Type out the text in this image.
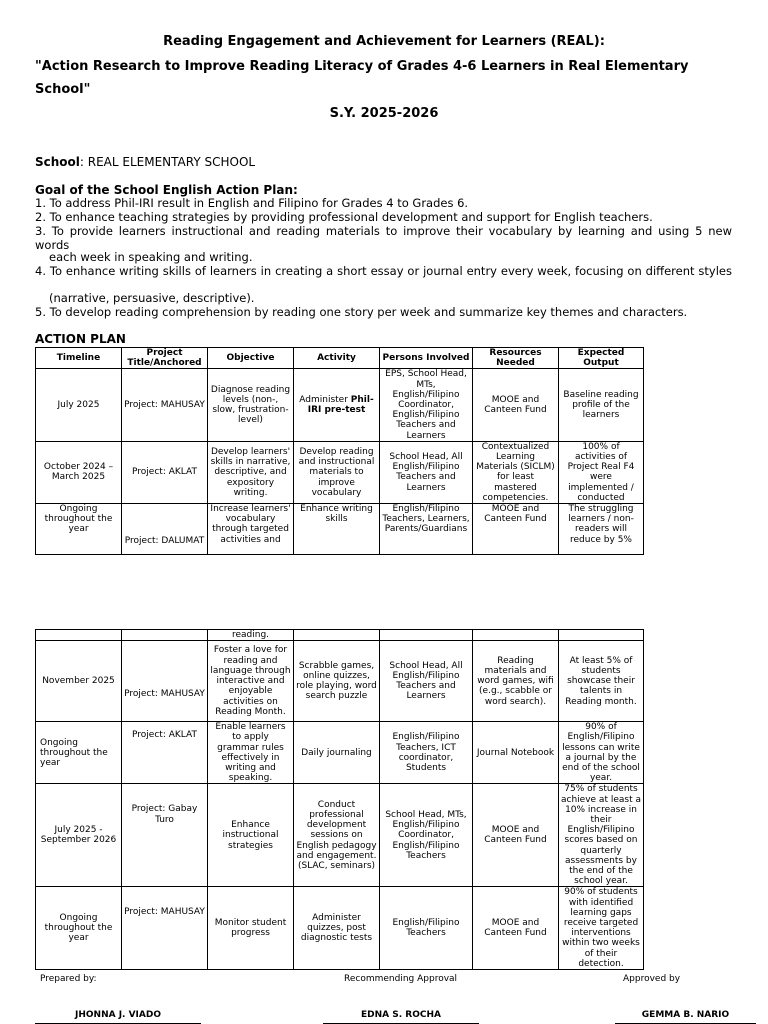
Reading Engagement and Achievement for Learners (REAL):
"Action Research to Improve Reading Literacy of Grades 4-6 Learners in Real Elementary
School"
S.Y. 2025-2026
School: REAL ELEMENTARY SCHOOL
Goal of the School English Action Plan:
1. To address Phil-IRI result in English and Filipino for Grades 4 to Grades 6.
2. To enhance teaching strategies by providing professional development and support for English teachers.
3. To provide learners instructional and reading materials to improve their vocabulary by learning and using 5 new words
each week in speaking and writing.
4. To enhance writing skills of learners in creating a short essay or journal entry every week, focusing on different styles
(narrative, persuasive, descriptive).
5. To develop reading comprehension by reading one story per week and summarize key themes and characters.
ACTION PLAN
Timeline	Project Title/Anchored	Objective	Activity	Persons Involved	Resources Needed	Expected Output
July 2025	Project: MAHUSAY	Diagnose reading levels (non-, slow, frustration-level)	Administer Phil-IRI pre-test	EPS, School Head, MTs, English/Filipino Coordinator, English/Filipino Teachers and Learners	MOOE and Canteen Fund	Baseline reading profile of the learners
October 2024 – March 2025	Project: AKLAT	Develop learners' skills in narrative, descriptive, and expository writing.	Develop reading and instructional materials to improve vocabulary	School Head, All English/Filipino Teachers and Learners	Contextualized Learning Materials (SICLM) for least mastered competencies.	100% of activities of Project Real F4 were implemented / conducted
Ongoing throughout the year	Project: DALUMAT	Increase learners' vocabulary through targeted activities and	Enhance writing skills	English/Filipino Teachers, Learners, Parents/Guardians	MOOE and Canteen Fund	The struggling learners / non-readers will reduce by 5%
		reading.				
November 2025	Project: MAHUSAY	Foster a love for reading and language through interactive and enjoyable activities on Reading Month.	Scrabble games, online quizzes, role playing, word search puzzle	School Head, All English/Filipino Teachers and Learners	Reading materials and word games, wifi (e.g., scabble or word search).	At least 5% of students showcase their talents in Reading month.
Ongoing throughout the year	Project: AKLAT	Enable learners to apply grammar rules effectively in writing and speaking.	Daily journaling	English/Filipino Teachers, ICT coordinator, Students	Journal Notebook	90% of English/Filipino lessons can write a journal by the end of the school year.
July 2025 - September 2026	Project: Gabay Turo	Enhance instructional strategies	Conduct professional development sessions on English pedagogy and engagement. (SLAC, seminars)	School Head, MTs, English/Filipino Coordinator, English/Filipino Teachers	MOOE and Canteen Fund	75% of students achieve at least a 10% increase in their English/Filipino scores based on quarterly assessments by the end of the school year.
Ongoing throughout the year	Project: MAHUSAY	Monitor student progress	Administer quizzes, post diagnostic tests	English/Filipino Teachers	MOOE and Canteen Fund	90% of students with identified learning gaps receive targeted interventions within two weeks of their detection.
Prepared by:	Recommending Approval	Approved by
JHONNA J. VIADO	EDNA S. ROCHA	GEMMA B. NARIO
